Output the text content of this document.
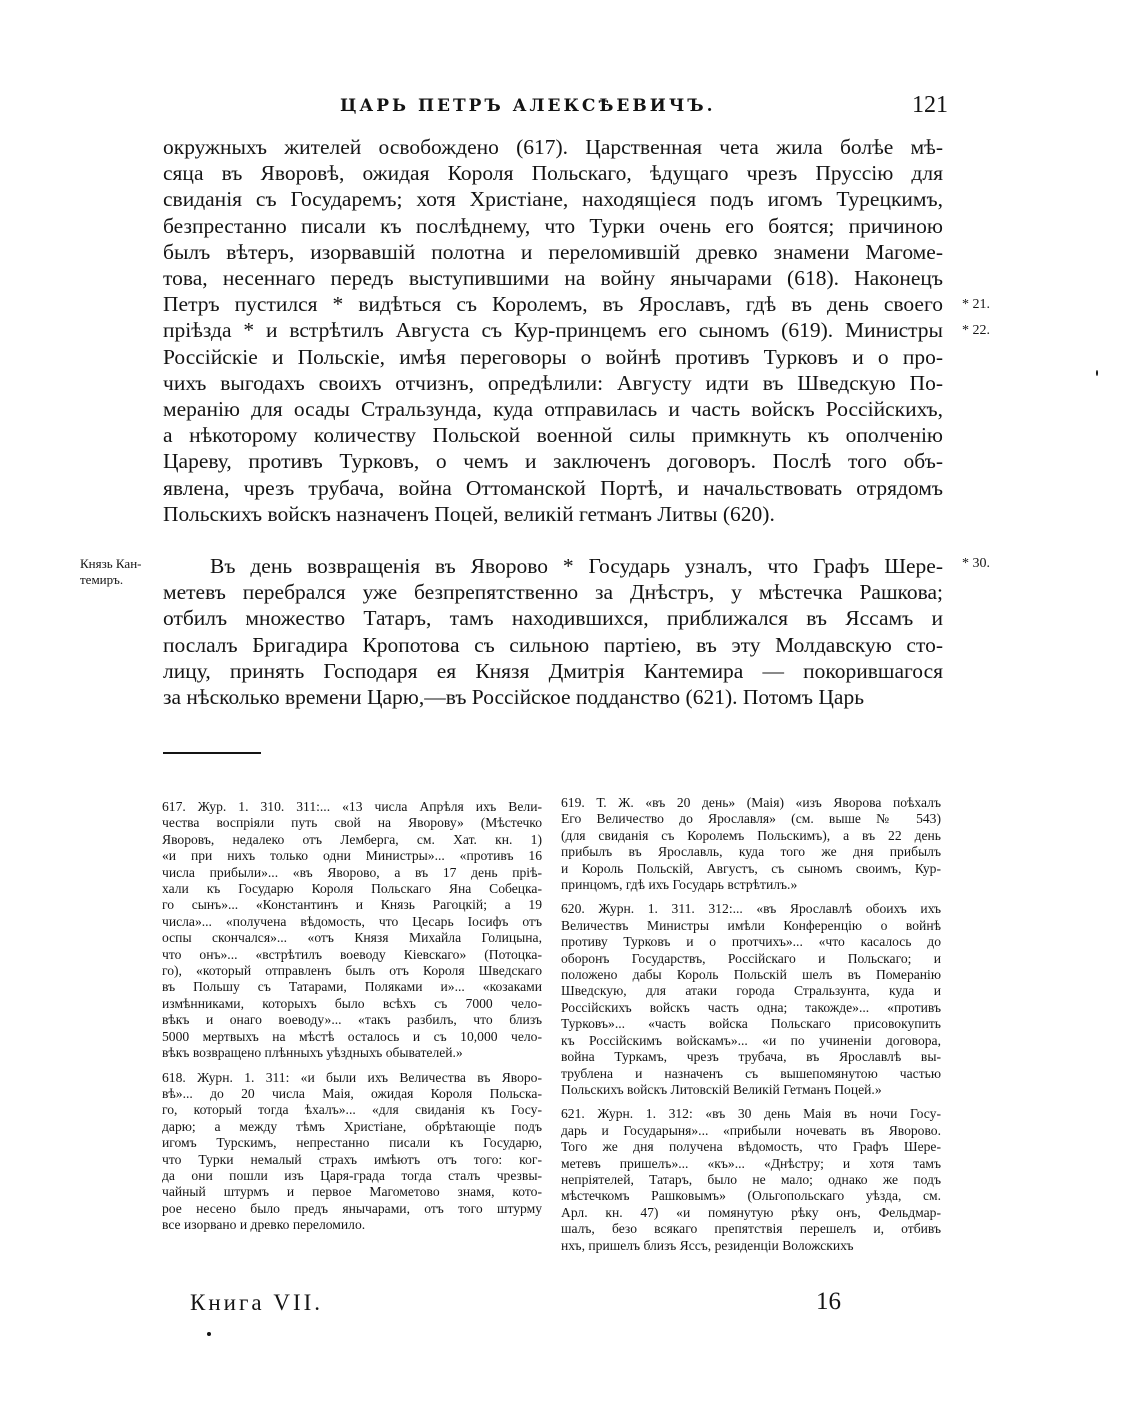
ЦАРЬ ПЕТРЪ АЛЕКСѢЕВИЧЪ.	121
окружныхъ жителей освобождено (617). Царственная чета жила болѣе мѣ-
сяца въ Яворовѣ, ожидая Короля Польскаго, ѣдущаго чрезъ Пруссію для
свиданія съ Государемъ; хотя Христіане, находящіеся подъ игомъ Турецкимъ,
безпрестанно писали къ послѣднему, что Турки очень его боятся; причиною
былъ вѣтеръ, изорвавшій полотна и переломившій древко знамени Магоме-
това, несеннаго передъ выступившими на войну янычарами (618). Наконецъ
Петръ пустился * видѣться съ Королемъ, въ Ярославъ, гдѣ въ день своего
пріѣзда * и встрѣтилъ Августа съ Кур-принцемъ его сыномъ (619). Министры
Россійскіе и Польскіе, имѣя переговоры о войнѣ противъ Турковъ и о про-
чихъ выгодахъ своихъ отчизнъ, опредѣлили: Августу идти въ Шведскую По-
меранію для осады Стральзунда, куда отправилась и часть войскъ Россійскихъ,
а нѣкоторому количеству Польской военной силы примкнуть къ ополченію
Цареву, противъ Турковъ, о чемъ и заключенъ договоръ. Послѣ того объ-
явлена, чрезъ трубача, война Оттоманской Портѣ, и начальствовать отрядомъ
Польскихъ войскъ назначенъ Поцей, великій гетманъ Литвы (620).
Въ день возвращенія въ Яворово * Государь узналъ, что Графъ Шере-
метевъ перебрался уже безпрепятственно за Днѣстръ, у мѣстечка Рашкова;
отбилъ множество Татаръ, тамъ находившихся, приближался въ Яссамъ и
послалъ Бригадира Кропотова съ сильною партіею, въ эту Молдавскую сто-
лицу, принять Господаря ея Князя Дмитрія Кантемира — покорившагося
за нѣсколько времени Царю,—въ Россійское подданство (621). Потомъ Царь
Князь Кан-
темиръ.
* 21.
* 22.
* 30.
617. Жур. 1. 310. 311:... «13 числа Апрѣля ихъ Вели-
чества воспріяли путь свой на Яворову» (Мѣстечко
Яворовъ, недалеко отъ Лемберга, см. Хат. кн. 1)
«и при нихъ только одни Министры»... «противъ 16
числа прибыли»... «въ Яворово, а въ 17 день пріѣ-
хали къ Государю Короля Польскаго Яна Собецка-
го сынъ»... «Константинъ и Князь Рагоцкій; а 19
числа»... «получена вѣдомость, что Цесарь Іосифъ отъ
оспы скончался»... «отъ Князя Михайла Голицына,
что онъ»... «встрѣтилъ воеводу Кіевскаго» (Потоцка-
го), «который отправленъ былъ отъ Короля Шведскаго
въ Польшу съ Татарами, Поляками и»... «козаками
измѣнниками, которыхъ было всѣхъ съ 7000 чело-
вѣкъ и онаго воеводу»... «такъ разбилъ, что близъ
5000 мертвыхъ на мѣстѣ осталось и съ 10,000 чело-
вѣкъ возвращено плѣнныхъ уѣздныхъ обывателей.»
618. Журн. 1. 311: «и были ихъ Величества въ Яворо-
вѣ»... до 20 числа Маія, ожидая Короля Польска-
го, который тогда ѣхалъ»... «для свиданія къ Госу-
дарю; а между тѣмъ Христіане, обрѣтающіе подъ
игомъ Турскимъ, непрестанно писали къ Государю,
что Турки немалый страхъ имѣютъ отъ того: ког-
да они пошли изъ Царя-града тогда сталъ чрезвы-
чайный штурмъ и первое Магометово знамя, кото-
рое несено было предъ янычарами, отъ того штурму
все изорвано и древко переломило.
619. Т. Ж. «въ 20 день» (Маія) «изъ Яворова поѣхалъ
Его Величество до Ярославля» (см. выше № 543)
(для свиданія съ Королемъ Польскимъ), а въ 22 день
прибылъ въ Ярославль, куда того же дня прибылъ
и Король Польскій, Августъ, съ сыномъ своимъ, Кур-
принцомъ, гдѣ ихъ Государь встрѣтилъ.»
620. Журн. 1. 311. 312:... «въ Ярославлѣ обоихъ ихъ
Величествъ Министры имѣли Конференцію о войнѣ
противу Турковъ и о протчихъ»... «что касалось до
оборонъ Государствъ, Россійскаго и Польскаго; и
положено дабы Король Польскій шелъ въ Померанію
Шведскую, для атаки города Стральзунта, куда и
Россійскихъ войскъ часть одна; такожде»... «противъ
Турковъ»... «часть войска Польскаго присовокупить
къ Россійскимъ войскамъ»... «и по учиненіи договора,
война Туркамъ, чрезъ трубача, въ Ярославлѣ вы-
трублена и назначенъ съ вышепомянутою частью
Польскихъ войскъ Литовскій Великій Гетманъ Поцей.»
621. Журн. 1. 312: «въ 30 день Маія въ ночи Госу-
дарь и Государыня»... «прибыли ночевать въ Яворово.
Того же дня получена вѣдомость, что Графъ Шере-
метевъ пришелъ»... «къ»... «Днѣстру; и хотя тамъ
непріятелей, Татаръ, было не мало; однако же подъ
мѣстечкомъ Рашковымъ» (Ольгопольскаго уѣзда, см.
Арл. кн. 47) «и помянутую рѣку онъ, Фельдмар-
шалъ, безо всякаго препятствія перешелъ и, отбивъ
нхъ, пришелъ близъ Яссъ, резиденціи Воложскихъ
Книга VII.	16
